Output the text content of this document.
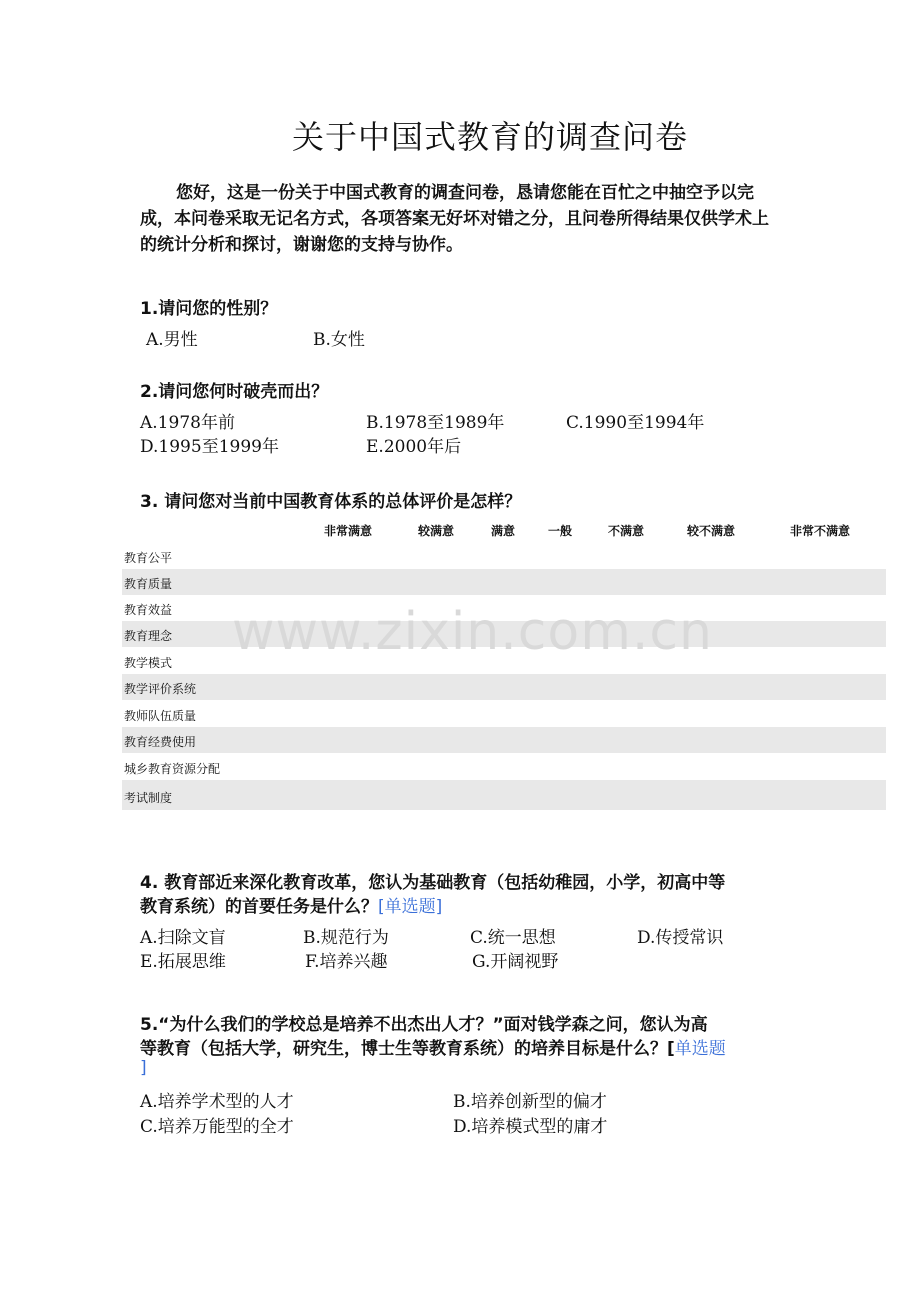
关于中国式教育的调查问卷
您好，这是一份关于中国式教育的调查问卷，恳请您能在百忙之中抽空予以完成，本问卷采取无记名方式，各项答案无好坏对错之分，且问卷所得结果仅供学术上的统计分析和探讨，谢谢您的支持与协作。
1.请问您的性别？
A.男性	B.女性
2.请问您何时破壳而出？
A.1978年前	B.1978至1989年	C.1990至1994年
D.1995至1999年	E.2000年后
3. 请问您对当前中国教育体系的总体评价是怎样？
非常满意	较满意	满意	一般	不满意	较不满意	非常不满意
教育公平
教育质量
教育效益
教育理念
教学模式
教学评价系统
教师队伍质量
教育经费使用
城乡教育资源分配
考试制度
www.zixin.com.cn
4. 教育部近来深化教育改革，您认为基础教育（包括幼稚园，小学，初高中等
教育系统）的首要任务是什么？[单选题]
A.扫除文盲	B.规范行为	C.统一思想	D.传授常识
E.拓展思维	F.培养兴趣	G.开阔视野
5.“为什么我们的学校总是培养不出杰出人才？”面对钱学森之问，您认为高
等教育（包括大学，研究生，博士生等教育系统）的培养目标是什么？[单选题
]
A.培养学术型的人才	B.培养创新型的偏才
C.培养万能型的全才	D.培养模式型的庸才
